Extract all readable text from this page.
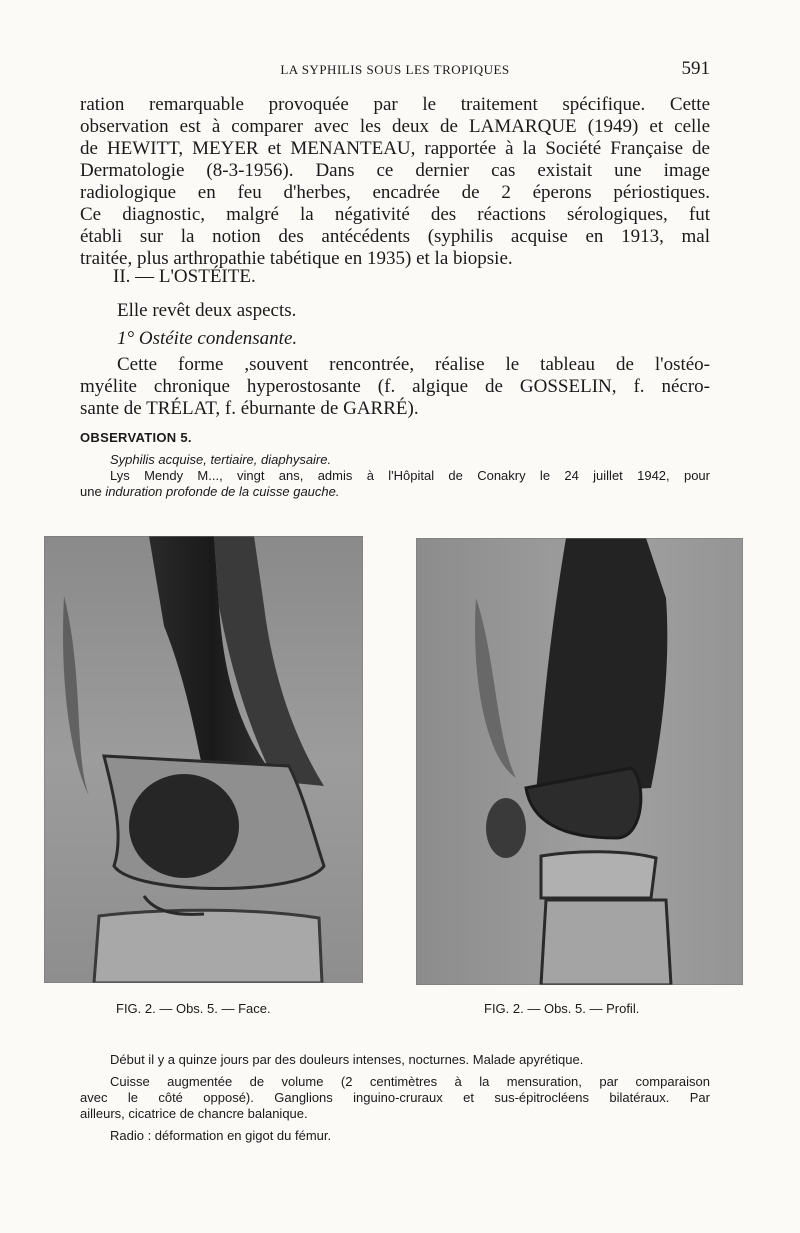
LA SYPHILIS SOUS LES TROPIQUES	591
ration remarquable provoquée par le traitement spécifique. Cette
observation est à comparer avec les deux de LAMARQUE (1949) et celle
de HEWITT, MEYER et MENANTEAU, rapportée à la Société Française de
Dermatologie (8-3-1956). Dans ce dernier cas existait une image
radiologique en feu d'herbes, encadrée de 2 éperons périostiques.
Ce diagnostic, malgré la négativité des réactions sérologiques, fut
établi sur la notion des antécédents (syphilis acquise en 1913, mal
traitée, plus arthropathie tabétique en 1935) et la biopsie.
II. — L'OSTÉITE.
Elle revêt deux aspects.
1° Ostéite condensante.
Cette forme ,souvent rencontrée, réalise le tableau de l'ostéo-
myélite chronique hyperostosante (f. algique de GOSSELIN, f. nécro-
sante de TRÉLAT, f. éburnante de GARRÉ).
OBSERVATION 5.
Syphilis acquise, tertiaire, diaphysaire.
Lys Mendy M..., vingt ans, admis à l'Hôpital de Conakry le 24 juillet 1942, pour
une induration profonde de la cuisse gauche.
FIG. 2. — Obs. 5. — Face.	FIG. 2. — Obs. 5. — Profil.
Début il y a quinze jours par des douleurs intenses, nocturnes. Malade apyrétique.
Cuisse augmentée de volume (2 centimètres à la mensuration, par comparaison
avec le côté opposé). Ganglions inguino-cruraux et sus-épitrocléens bilatéraux. Par
ailleurs, cicatrice de chancre balanique.
Radio : déformation en gigot du fémur.
